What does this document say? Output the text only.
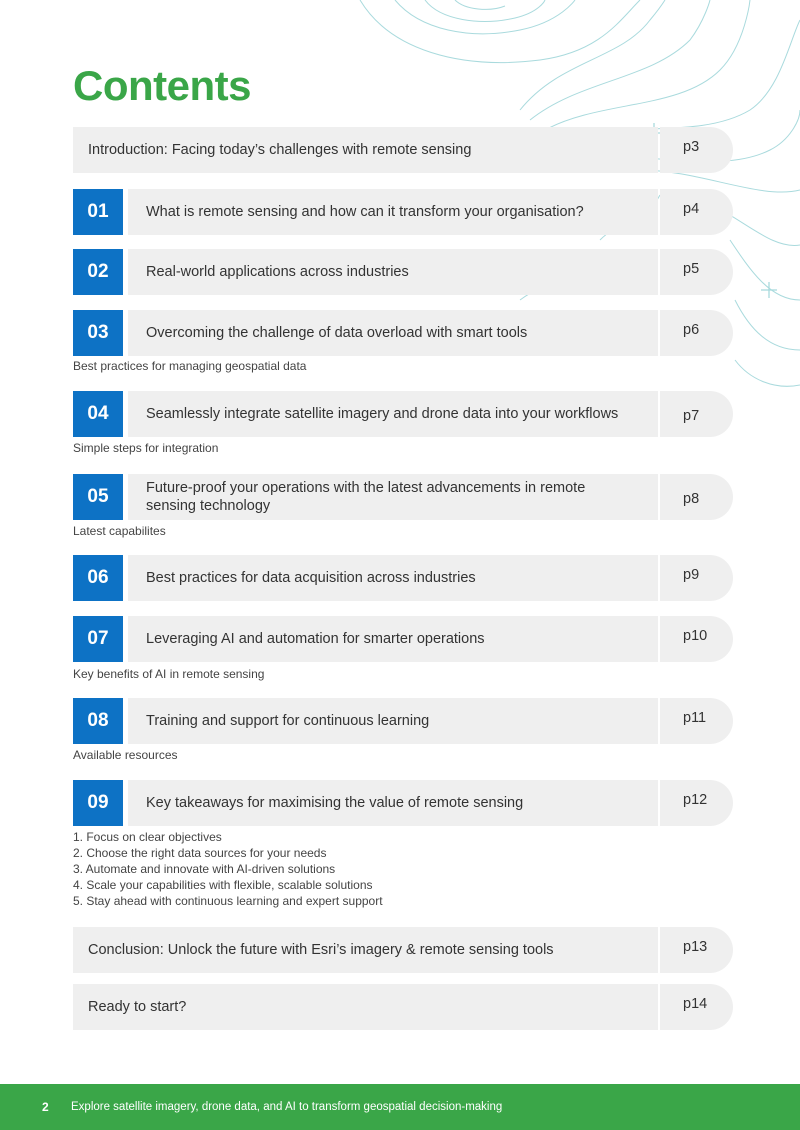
Contents
Introduction: Facing today’s challenges with remote sensing	p3
01	What is remote sensing and how can it transform your organisation?	p4
02	Real-world applications across industries	p5
03	Overcoming the challenge of data overload with smart tools	p6
Best practices for managing geospatial data
04	Seamlessly integrate satellite imagery and drone data into your workflows	p7
Simple steps for integration
05	Future-proof your operations with the latest advancements in remote sensing technology	p8
Latest capabilites
06	Best practices for data acquisition across industries	p9
07	Leveraging AI and automation for smarter operations	p10
Key benefits of AI in remote sensing
08	Training and support for continuous learning	p11
Available resources
09	Key takeaways for maximising the value of remote sensing	p12
1. Focus on clear objectives
2. Choose the right data sources for your needs
3. Automate and innovate with AI-driven solutions
4. Scale your capabilities with flexible, scalable solutions
5. Stay ahead with continuous learning and expert support
Conclusion: Unlock the future with Esri’s imagery & remote sensing tools	p13
Ready to start?	p14
2 Explore satellite imagery, drone data, and AI to transform geospatial decision-making
